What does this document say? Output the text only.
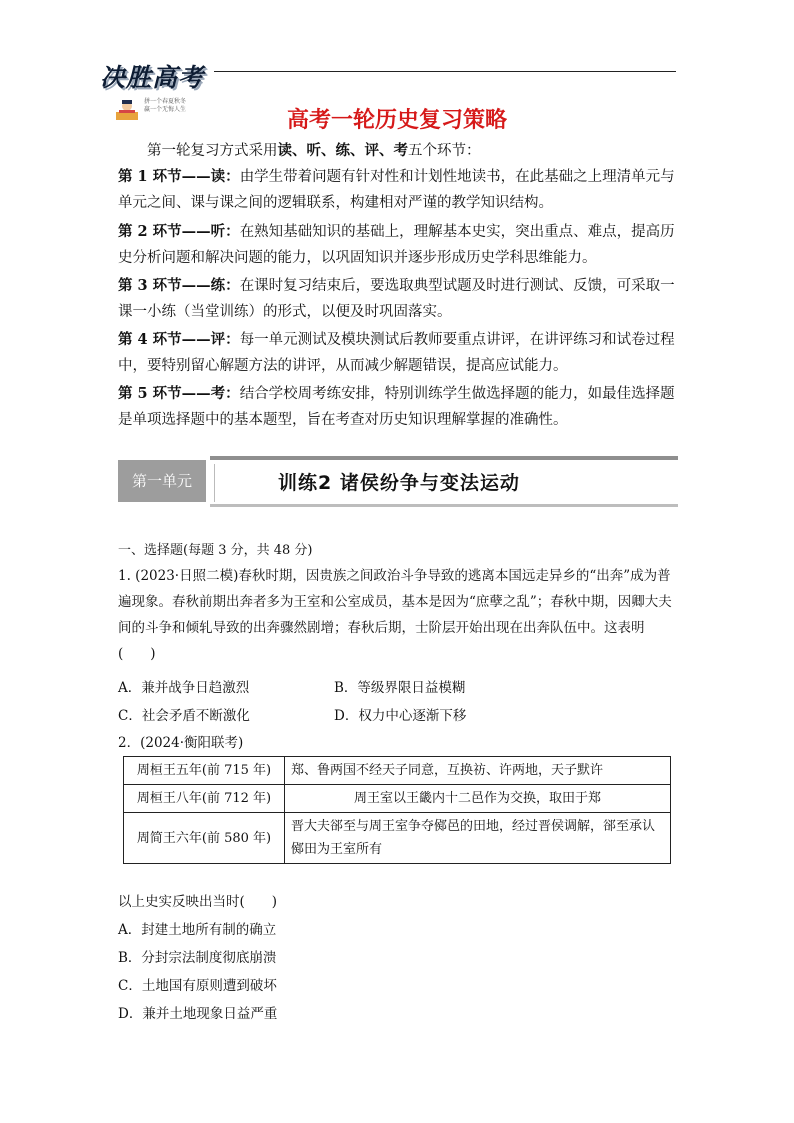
决胜高考
拼一个春夏秋冬
赢一个无悔人生	高考一轮历史复习策略
第一轮复习方式采用读、听、练、评、考五个环节：
第 1 环节——读：由学生带着问题有针对性和计划性地读书，在此基础之上理清单元与单元之间、课与课之间的逻辑联系，构建相对严谨的教学知识结构。
第 2 环节——听：在熟知基础知识的基础上，理解基本史实，突出重点、难点，提高历史分析问题和解决问题的能力，以巩固知识并逐步形成历史学科思维能力。
第 3 环节——练：在课时复习结束后，要选取典型试题及时进行测试、反馈，可采取一课一小练（当堂训练）的形式，以便及时巩固落实。
第 4 环节——评：每一单元测试及模块测试后教师要重点讲评，在讲评练习和试卷过程中，要特别留心解题方法的讲评，从而减少解题错误，提高应试能力。
第 5 环节——考：结合学校周考练安排，特别训练学生做选择题的能力，如最佳选择题是单项选择题中的基本题型，旨在考查对历史知识理解掌握的准确性。
第一单元	训练2 诸侯纷争与变法运动
一、选择题(每题 3 分，共 48 分)
1. (2023·日照二模)春秋时期，因贵族之间政治斗争导致的逃离本国远走异乡的“出奔”成为普遍现象。春秋前期出奔者多为王室和公室成员，基本是因为“庶孽之乱”；春秋中期，因卿大夫间的斗争和倾轧导致的出奔骤然剧增；春秋后期，士阶层开始出现在出奔队伍中。这表明(　　)
A．兼并战争日趋激烈	B．等级界限日益模糊
C．社会矛盾不断激化	D．权力中心逐渐下移
2．(2024·衡阳联考)
周桓王五年(前 715 年)	郑、鲁两国不经天子同意，互换祊、许两地，天子默许
周桓王八年(前 712 年)	周王室以王畿内十二邑作为交换，取田于郑
周简王六年(前 580 年)	晋大夫郤至与周王室争夺鄇邑的田地，经过晋侯调解，郤至承认鄇田为王室所有
以上史实反映出当时(　　)
A．封建土地所有制的确立
B．分封宗法制度彻底崩溃
C．土地国有原则遭到破坏
D．兼并土地现象日益严重
